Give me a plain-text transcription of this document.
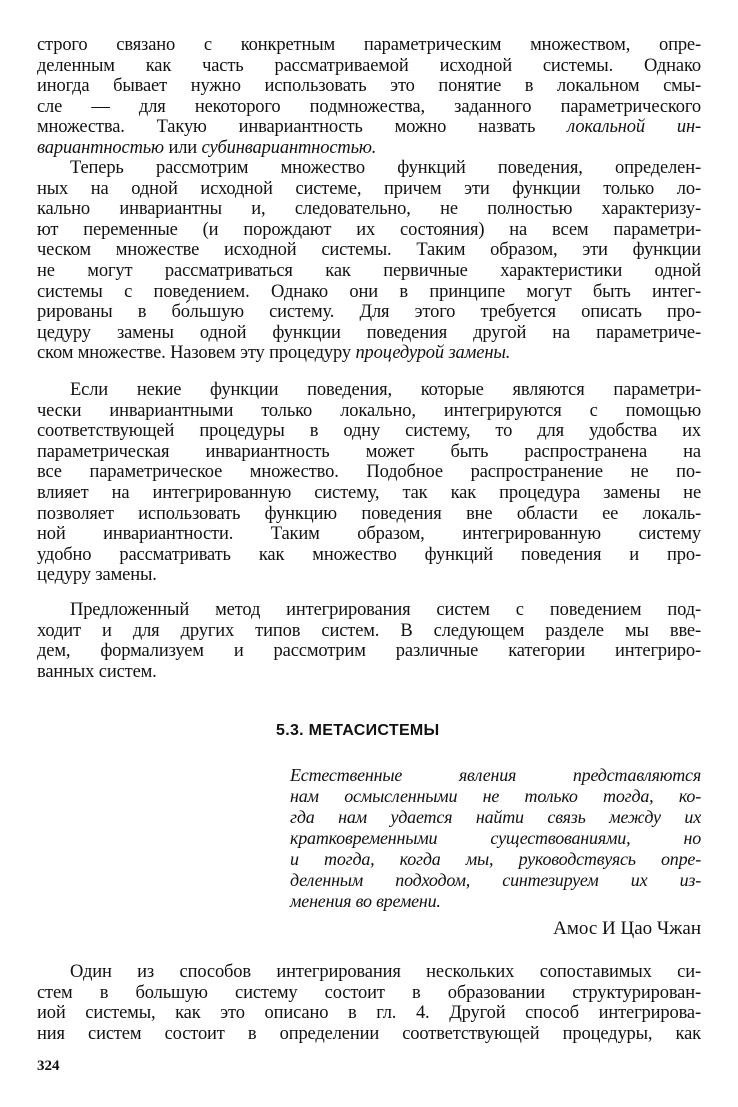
строго связано с конкретным параметрическим множеством, опре-
деленным как часть рассматриваемой исходной системы. Однако
иногда бывает нужно использовать это понятие в локальном смы-
сле — для некоторого подмножества, заданного параметрического
множества. Такую инвариантность можно назвать локальной ин-
вариантностью или субинвариантностью.
Теперь рассмотрим множество функций поведения, определен-
ных на одной исходной системе, причем эти функции только ло-
кально инвариантны и, следовательно, не полностью характеризу-
ют переменные (и порождают их состояния) на всем параметри-
ческом множестве исходной системы. Таким образом, эти функции
не могут рассматриваться как первичные характеристики одной
системы с поведением. Однако они в принципе могут быть интег-
рированы в бо́льшую систему. Для этого требуется описать про-
цедуру замены одной функции поведения другой на параметриче-
ском множестве. Назовем эту процедуру процедурой замены.
Если некие функции поведения, которые являются параметри-
чески инвариантными только локально, интегрируются с помощью
соответствующей процедуры в одну систему, то для удобства их
параметрическая инвариантность может быть распространена на
все параметрическое множество. Подобное распространение не по-
влияет на интегрированную систему, так как процедура замены не
позволяет использовать функцию поведения вне области ее локаль-
ной инвариантности. Таким образом, интегрированную систему
удобно рассматривать как множество функций поведения и про-
цедуру замены.
Предложенный метод интегрирования систем с поведением под-
ходит и для других типов систем. В следующем разделе мы вве-
дем, формализуем и рассмотрим различные категории интегриро-
ванных систем.
5.3. МЕТАСИСТЕМЫ
Естественные явления представляются
нам осмысленными не только тогда, ко-
гда нам удается найти связь между их
кратковременными существованиями, но
и тогда, когда мы, руководствуясь опре-
деленным подходом, синтезируем их из-
менения во времени.
Амос И Цао Чжан
Один из способов интегрирования нескольких сопоставимых си-
стем в большую систему состоит в образовании структурирован-
иой системы, как это описано в гл. 4. Другой способ интегрирова-
ния систем состоит в определении соответствующей процедуры, как
324
